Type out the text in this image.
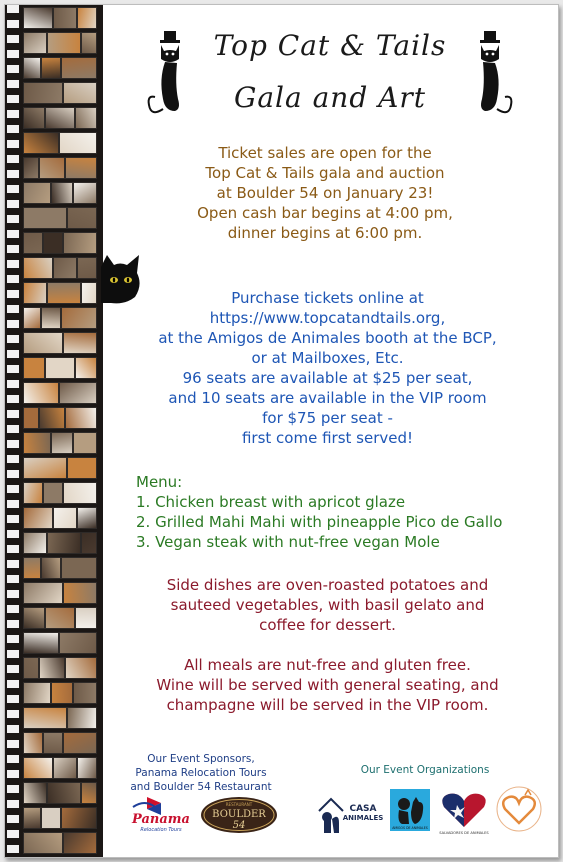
Top Cat & Tails
Gala and Art
Ticket sales are open for the
Top Cat & Tails gala and auction
at Boulder 54 on January 23!
Open cash bar begins at 4:00 pm,
dinner begins at 6:00 pm.
Purchase tickets online at
https://www.topcatandtails.org,
at the Amigos de Animales booth at the BCP,
or at Mailboxes, Etc.
96 seats are available at $25 per seat,
and 10 seats are available in the VIP room
for $75 per seat -
first come first served!
Menu:
1. Chicken breast with apricot glaze
2. Grilled Mahi Mahi with pineapple Pico de Gallo
3. Vegan steak with nut-free vegan Mole
Side dishes are oven-roasted potatoes and
sauteed vegetables, with basil gelato and
coffee for dessert.
All meals are nut-free and gluten free.
Wine will be served with general seating, and
champagne will be served in the VIP room.
Our Event Sponsors,
Panama Relocation Tours
and Boulder 54 Restaurant
Our Event Organizations
Panama
Relocation Tours
RESTAURANT
BOULDER
54
CASA
ANIMALES
AMIGOS DE ANIMALES
SALVADORES DE ANIMALES
